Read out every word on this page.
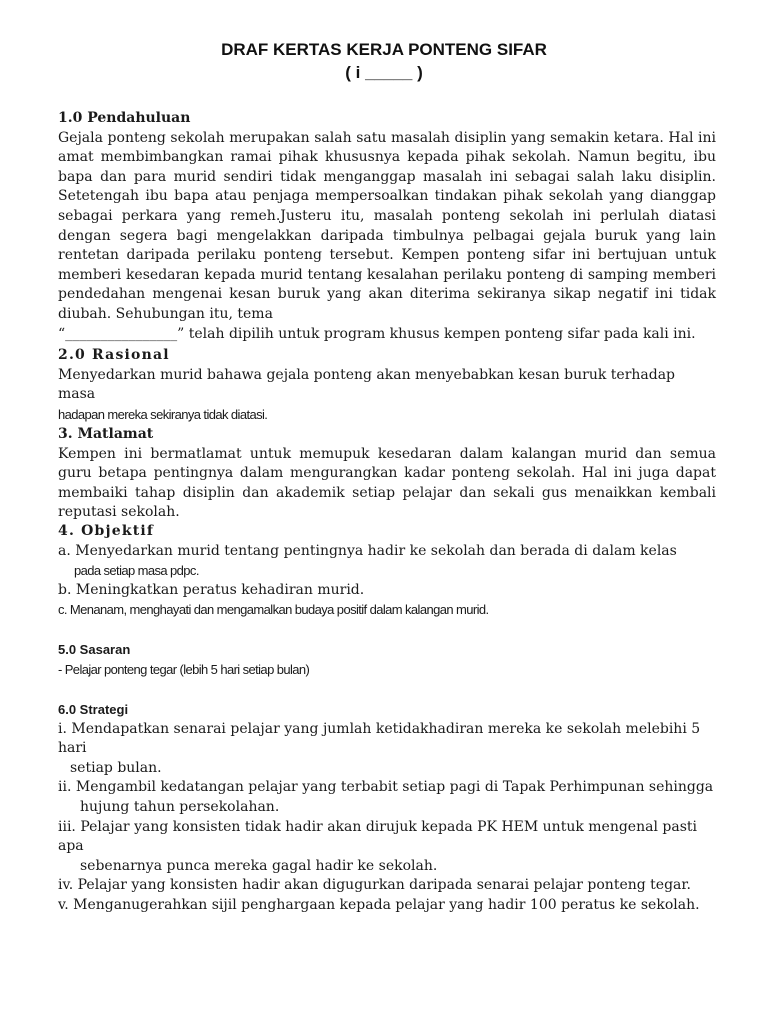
DRAF KERTAS KERJA PONTENG SIFAR
( i _____ )
1.0 Pendahuluan
Gejala ponteng sekolah merupakan salah satu masalah disiplin yang semakin ketara. Hal ini amat membimbangkan ramai pihak khususnya kepada pihak sekolah. Namun begitu, ibu bapa dan para murid sendiri tidak menganggap masalah ini sebagai salah laku disiplin. Setetengah ibu bapa atau penjaga mempersoalkan tindakan pihak sekolah yang dianggap sebagai perkara yang remeh.Justeru itu, masalah ponteng sekolah ini perlulah diatasi dengan segera bagi mengelakkan daripada timbulnya pelbagai gejala buruk yang lain rentetan daripada perilaku ponteng tersebut. Kempen ponteng sifar ini bertujuan untuk memberi kesedaran kepada murid tentang kesalahan perilaku ponteng di samping memberi pendedahan mengenai kesan buruk yang akan diterima sekiranya sikap negatif ini tidak diubah. Sehubungan itu, tema
“________________” telah dipilih untuk program khusus kempen ponteng sifar pada kali ini.
2.0 Rasional
Menyedarkan murid bahawa gejala ponteng akan menyebabkan kesan buruk terhadap masa
hadapan mereka sekiranya tidak diatasi.
3. Matlamat
Kempen ini bermatlamat untuk memupuk kesedaran dalam kalangan murid dan semua guru betapa pentingnya dalam mengurangkan kadar ponteng sekolah. Hal ini juga dapat membaiki tahap disiplin dan akademik setiap pelajar dan sekali gus menaikkan kembali reputasi sekolah.
4. Objektif
a. Menyedarkan murid tentang pentingnya hadir ke sekolah dan berada di dalam kelas
pada setiap masa pdpc.
b. Meningkatkan peratus kehadiran murid.
c. Menanam, menghayati dan mengamalkan budaya positif dalam kalangan murid.
5.0 Sasaran
- Pelajar ponteng tegar (lebih 5 hari setiap bulan)
6.0 Strategi
i. Mendapatkan senarai pelajar yang jumlah ketidakhadiran mereka ke sekolah melebihi 5 hari
setiap bulan.
ii. Mengambil kedatangan pelajar yang terbabit setiap pagi di Tapak Perhimpunan sehingga
hujung tahun persekolahan.
iii. Pelajar yang konsisten tidak hadir akan dirujuk kepada PK HEM untuk mengenal pasti apa
sebenarnya punca mereka gagal hadir ke sekolah.
iv. Pelajar yang konsisten hadir akan digugurkan daripada senarai pelajar ponteng tegar.
v. Menganugerahkan sijil penghargaan kepada pelajar yang hadir 100 peratus ke sekolah.
